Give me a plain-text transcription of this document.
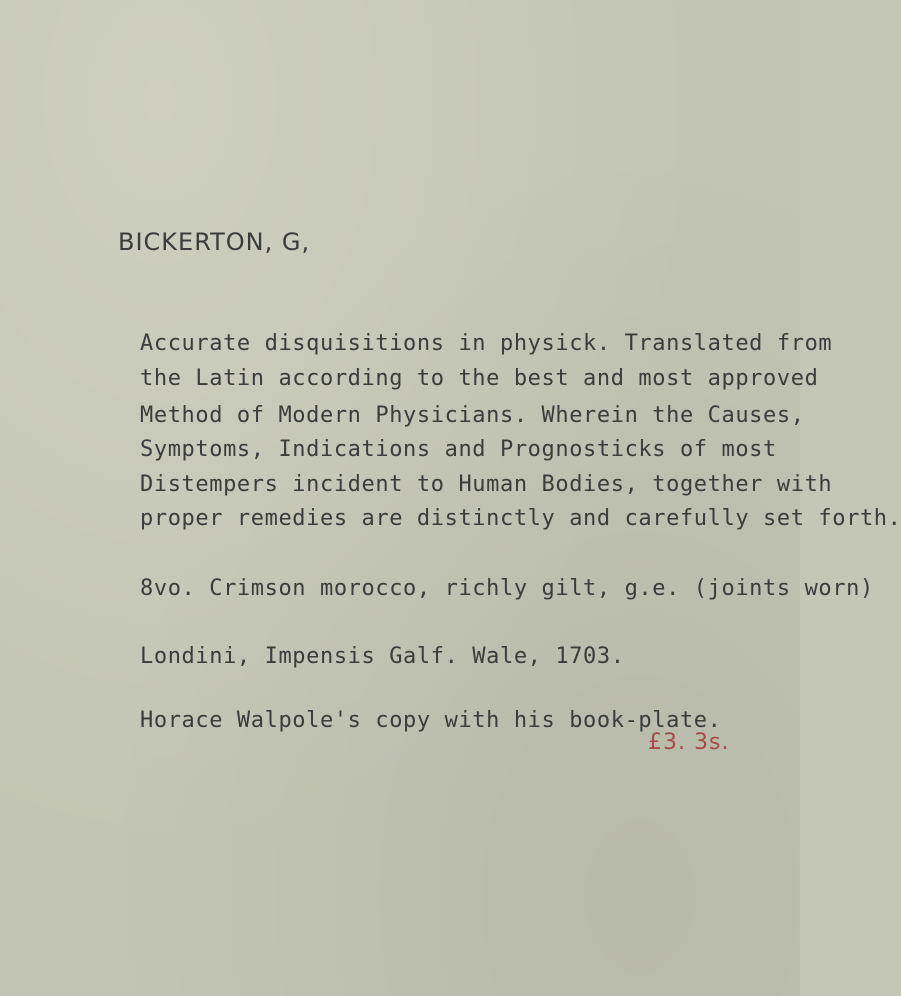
BICKERTON, G,
Accurate disquisitions in physick. Translated from
the Latin according to the best and most approved
Method of Modern Physicians. Wherein the Causes,
Symptoms, Indications and Prognosticks of most
Distempers incident to Human Bodies, together with
proper remedies are distinctly and carefully set forth.
8vo. Crimson morocco, richly gilt, g.e. (joints worn)
Londini, Impensis Galf. Wale, 1703.
Horace Walpole's copy with his book-plate.
£3. 3s.
